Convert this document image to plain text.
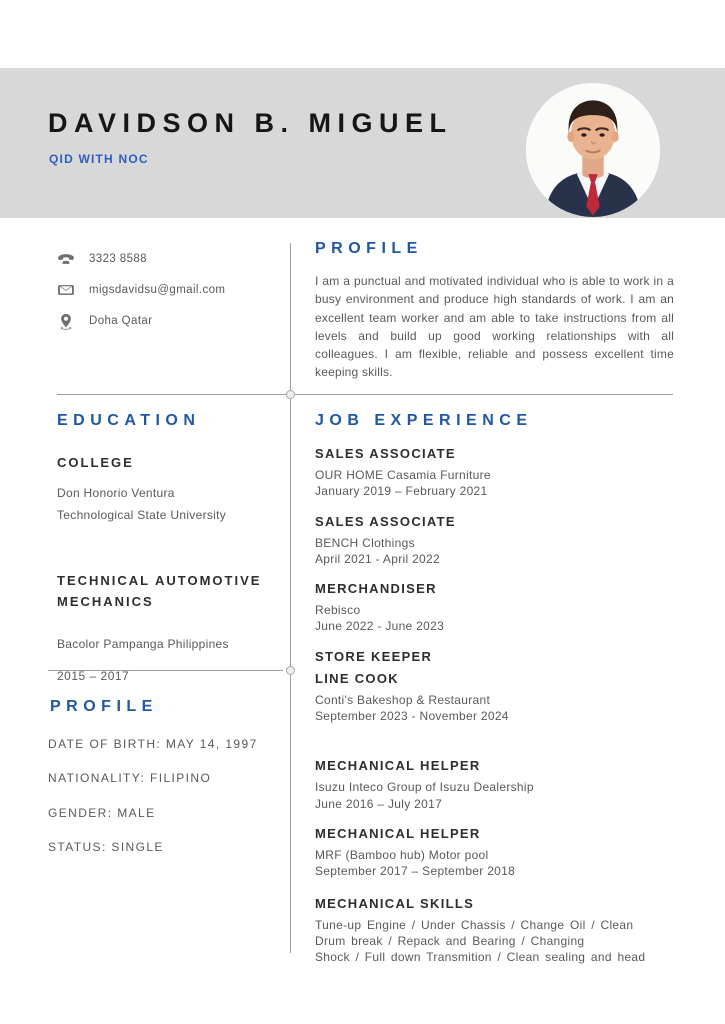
DAVIDSON B. MIGUEL
QID WITH NOC
3323 8588
migsdavidsu@gmail.com
Doha Qatar
PROFILE

I am a punctual and motivated individual who is able to work in a busy environment and produce high standards of work. I am an excellent team worker and am able to take instructions from all levels and build up good working relationships with all colleagues. I am flexible, reliable and possess excellent time keeping skills.

EDUCATION
COLLEGE
Don Honorio Ventura
Technological State University
TECHNICAL AUTOMOTIVE
MECHANICS
Bacolor Pampanga Philippines
2015 – 2017
PROFILE
DATE OF BIRTH: MAY 14, 1997
NATIONALITY: FILIPINO
GENDER: MALE
STATUS: SINGLE
JOB EXPERIENCE
SALES ASSOCIATE
OUR HOME Casamia Furniture
January 2019 – February 2021
SALES ASSOCIATE
BENCH Clothings
April 2021 - April 2022
MERCHANDISER
Rebisco
June 2022 - June 2023
STORE KEEPER
LINE COOK
Conti's Bakeshop & Restaurant
September 2023 - November 2024
MECHANICAL HELPER
Isuzu Inteco Group of Isuzu Dealership
June 2016 – July 2017
MECHANICAL HELPER
MRF (Bamboo hub) Motor pool
September 2017 – September 2018
MECHANICAL SKILLS
Tune-up Engine / Under Chassis / Change Oil / Clean
Drum break / Repack and Bearing / Changing
Shock / Full down Transmition / Clean sealing and head
